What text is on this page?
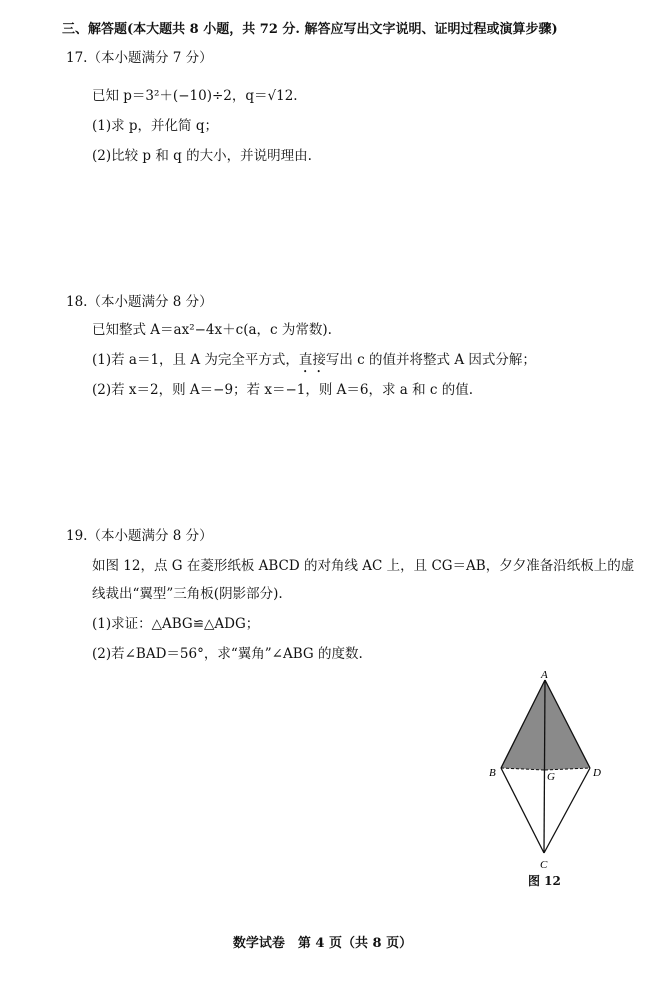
三、解答题(本大题共 8 小题，共 72 分. 解答应写出文字说明、证明过程或演算步骤)
17.（本小题满分 7 分）
已知 p＝3²＋(−10)÷2，q＝√12.
(1)求 p，并化简 q；
(2)比较 p 和 q 的大小，并说明理由.
18.（本小题满分 8 分）
已知整式 A＝ax²−4x＋c(a，c 为常数).
(1)若 a＝1，且 A 为完全平方式，直接写出 c 的值并将整式 A 因式分解；
(2)若 x＝2，则 A＝−9；若 x＝−1，则 A＝6，求 a 和 c 的值.
19.（本小题满分 8 分）
如图 12，点 G 在菱形纸板 ABCD 的对角线 AC 上，且 CG＝AB，夕夕准备沿纸板上的虚
线裁出“翼型”三角板(阴影部分).
(1)求证：△ABG≌△ADG；
(2)若∠BAD＝56°，求“翼角”∠ABG 的度数.
A
B	G	D
C
图 12
数学试卷　第 4 页（共 8 页）
